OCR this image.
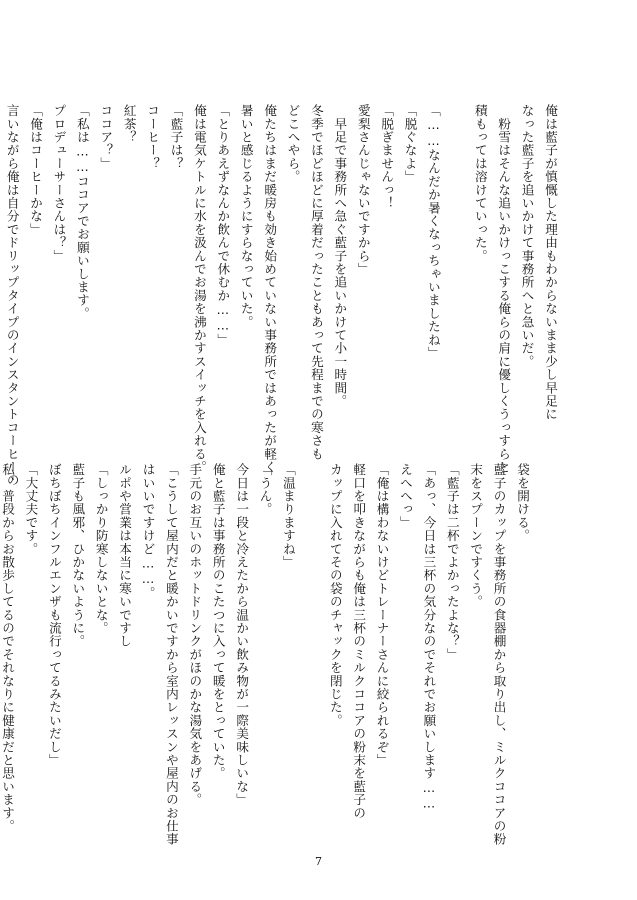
俺は藍子が慎慨した理由もわからないまま少し早足に
なった藍子を追いかけて事務所へと急いだ。
　粉雪はそんな追いかけっこする俺らの肩に優しくうっすらと
積もっては溶けていった。

「……なんだか暑くなっちゃいましたね」
「脱ぐなよ」
「脱ぎませんっ！
愛梨さんじゃないですから」
　早足で事務所へ急ぐ藍子を追いかけて小一時間。
冬季でほどほどに厚着だったこともあって先程までの寒さも
どこへやら。
俺たちはまだ暖房も効き始めていない事務所ではあったが軽く
暑いと感じるようにすらなっていた。
「とりあえずなんか飲んで休むか……」
俺は電気ケトルに水を汲んでお湯を沸かすスイッチを入れる。
「藍子は？
コーヒー？
紅茶？
ココア？」
「私は……ココアでお願いします。
プロデューサーさんは？」
「俺はコーヒーかな」
言いながら俺は自分でドリップタイプのインスタントコーヒーの
袋を開ける。
藍子のカップを事務所の食器棚から取り出し、ミルクココアの粉
末をスプーンですくう。
「藍子は二杯でよかったよな？」
「あっ、今日は三杯の気分なのでそれでお願いします……
えへへっ」
「俺は構わないけどトレーナーさんに絞られるぞ」
軽口を叩きながらも俺は三杯のミルクココアの粉末を藍子の
カップに入れてその袋のチャックを閉じた。

「温まりますね」
「うん。
今日は一段と冷えたから温かい飲み物が一際美味しいな」
俺と藍子は事務所のこたつに入って暖をとっていた。
手元のお互いのホットドリンクがほのかな湯気をあげる。
「こうして屋内だと暖かいですから室内レッスンや屋内のお仕事
はいいですけど……。
ルポや営業は本当に寒いですし
「しっかり防寒しないとな。
藍子も風邪、ひかないように。
ぼちぼちインフルエンザも流行ってるみたいだし」
「大丈夫です。
私、普段からお散歩してるのでそれなりに健康だと思います。
7
